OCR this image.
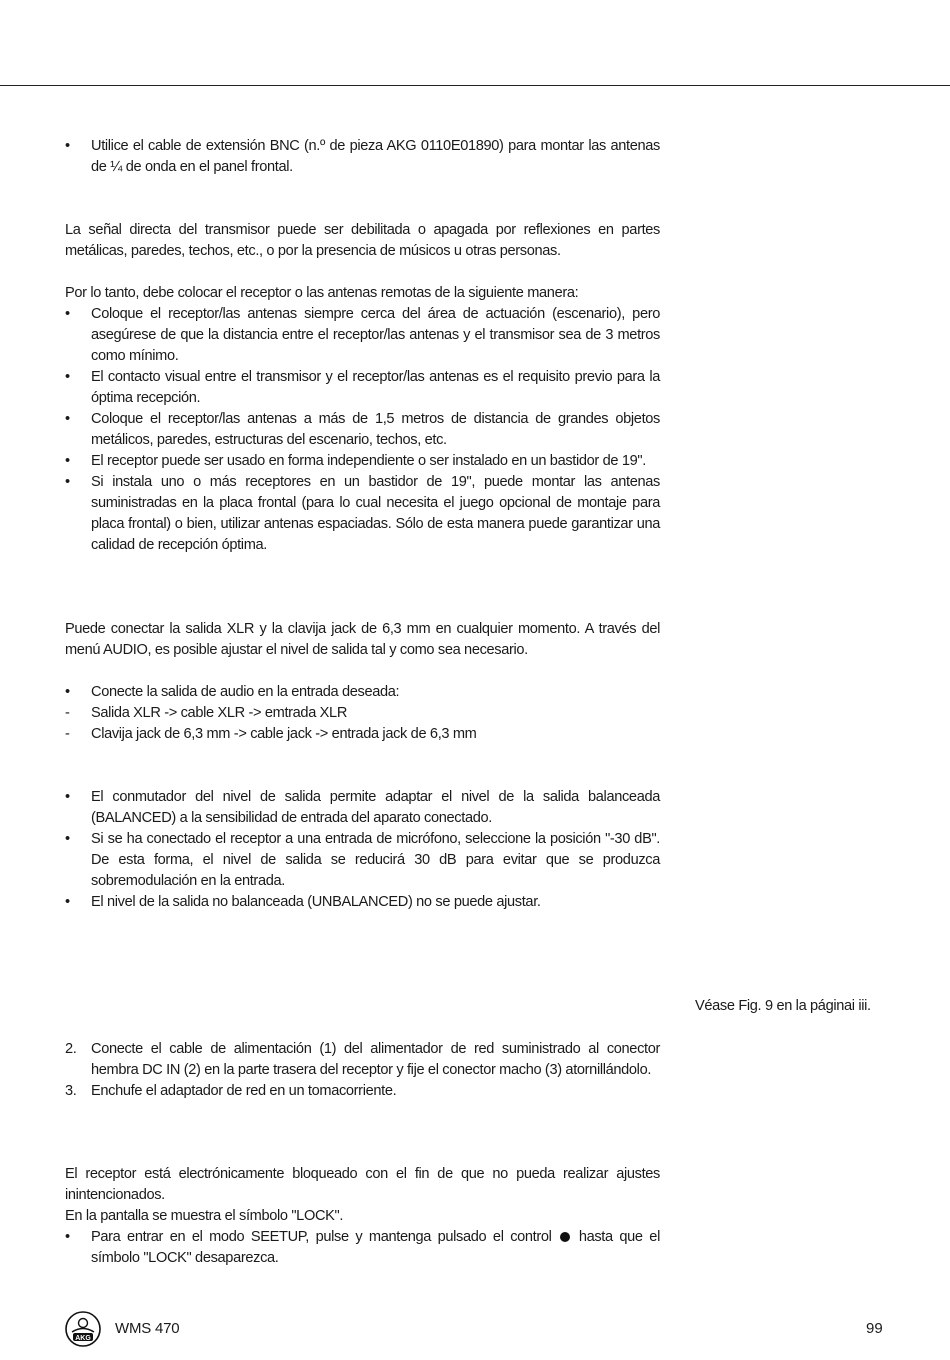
•	Utilice el cable de extensión BNC (n.º de pieza AKG 0110E01890) para montar las antenas de ¼ de onda en el panel frontal.

La señal directa del transmisor puede ser debilitada o apagada por reflexiones en partes metálicas, paredes, techos, etc., o por la presencia de músicos u otras personas.

Por lo tanto, debe colocar el receptor o las antenas remotas de la siguiente manera:

•	Coloque el receptor/las antenas siempre cerca del área de actuación (escenario), pero asegúrese de que la distancia entre el receptor/las antenas y el transmisor sea de 3 metros como mínimo.
•	El contacto visual entre el transmisor y el receptor/las antenas es el requisito previo para la óptima recepción.
•	Coloque el receptor/las antenas a más de 1,5 metros de distancia de grandes objetos metálicos, paredes, estructuras del escenario, techos, etc.
•	El receptor puede ser usado en forma independiente o ser instalado en un bastidor de 19".
•	Si instala uno o más receptores en un bastidor de 19", puede montar las antenas suministradas en la placa frontal (para lo cual necesita el juego opcional de montaje para placa frontal) o bien, utilizar antenas espaciadas. Sólo de esta manera puede garantizar una calidad de recepción óptima.

Puede conectar la salida XLR y la clavija jack de 6,3 mm en cualquier momento. A través del menú AUDIO, es posible ajustar el nivel de salida tal y como sea necesario.

•	Conecte la salida de audio en la entrada deseada:
-	Salida XLR -> cable XLR -> emtrada XLR
-	Clavija jack de 6,3 mm -> cable jack -> entrada jack de 6,3 mm
•	El conmutador del nivel de salida permite adaptar el nivel de la salida balanceada (BALANCED) a la sensibilidad de entrada del aparato conectado.
•	Si se ha conectado el receptor a una entrada de micrófono, seleccione la posición "-30 dB". De esta forma, el nivel de salida se reducirá 30 dB para evitar que se produzca sobremodulación en la entrada.
•	El nivel de la salida no balanceada (UNBALANCED) no se puede ajustar.
Véase Fig. 9 en la páginai iii.
2. Conecte el cable de alimentación (1) del alimentador de red suministrado al conector hembra DC IN (2) en la parte trasera del receptor y fije el conector macho (3) atornillándolo.
3. Enchufe el adaptador de red en un tomacorriente.

El receptor está electrónicamente bloqueado con el fin de que no pueda realizar ajustes inintencionados.

En la pantalla se muestra el símbolo "LOCK".

•	Para entrar en el modo SEETUP, pulse y mantenga pulsado el control hasta que el símbolo "LOCK" desaparezca.
AKG
WMS 470	99
